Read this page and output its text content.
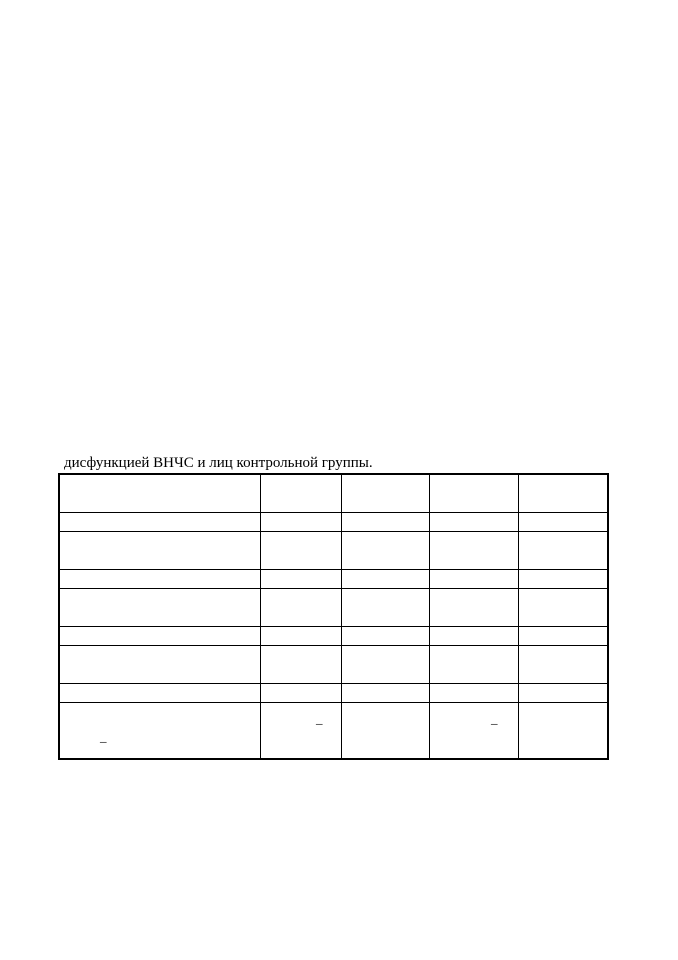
дисфункцией ВНЧС и лиц контрольной группы.

_	_		_	
